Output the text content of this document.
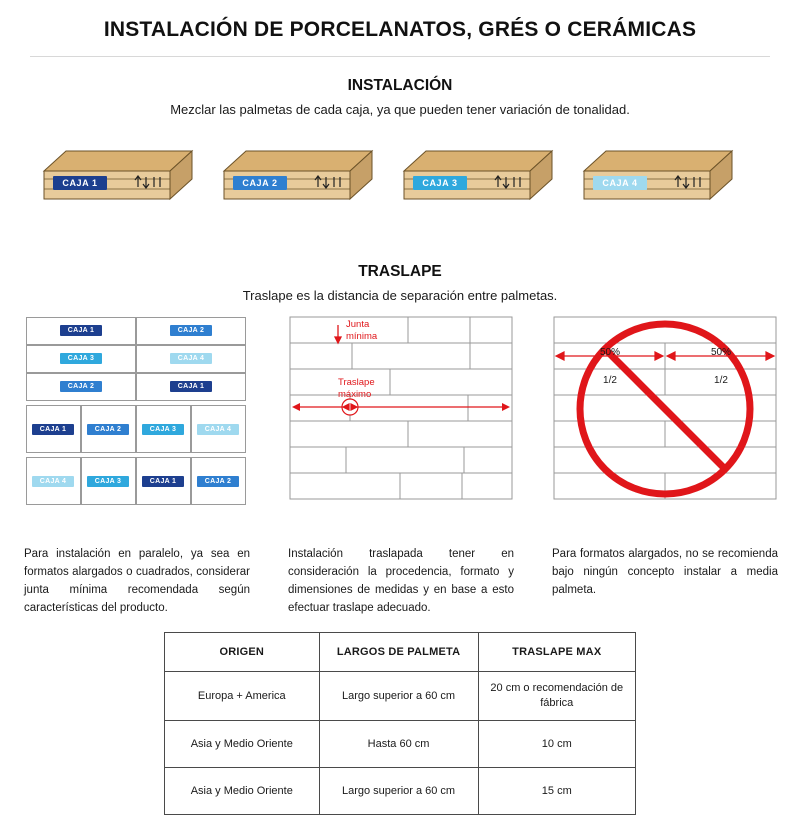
INSTALACIÓN DE PORCELANATOS, GRÉS O CERÁMICAS
INSTALACIÓN
Mezclar las palmetas de cada caja, ya que pueden tener variación de tonalidad.
CAJA 1	CAJA 2	CAJA 3	CAJA 4
TRASLAPE
Traslape es la distancia de separación entre palmetas.
CAJA 1	CAJA 2
CAJA 3	CAJA 4
CAJA 2	CAJA 1
CAJA 1	CAJA 2	CAJA 3	CAJA 4
CAJA 4	CAJA 3	CAJA 1	CAJA 2
Junta
mínima
Traslape
máximo
50%	50%
1/2	1/2
Para instalación en paralelo, ya sea en formatos alargados o cuadrados, considerar junta mínima recomendada según características del producto.
Instalación traslapada tener en consideración la procedencia, formato y dimensiones de medidas y en base a esto efectuar traslape adecuado.
Para formatos alargados, no se recomienda bajo ningún concepto instalar a media palmeta.
ORIGEN	LARGOS DE PALMETA	TRASLAPE MAX
Europa + America	Largo superior a 60 cm	20 cm o recomendación de fábrica
Asia y Medio Oriente	Hasta 60 cm	10 cm
Asia y Medio Oriente	Largo superior a 60 cm	15 cm
